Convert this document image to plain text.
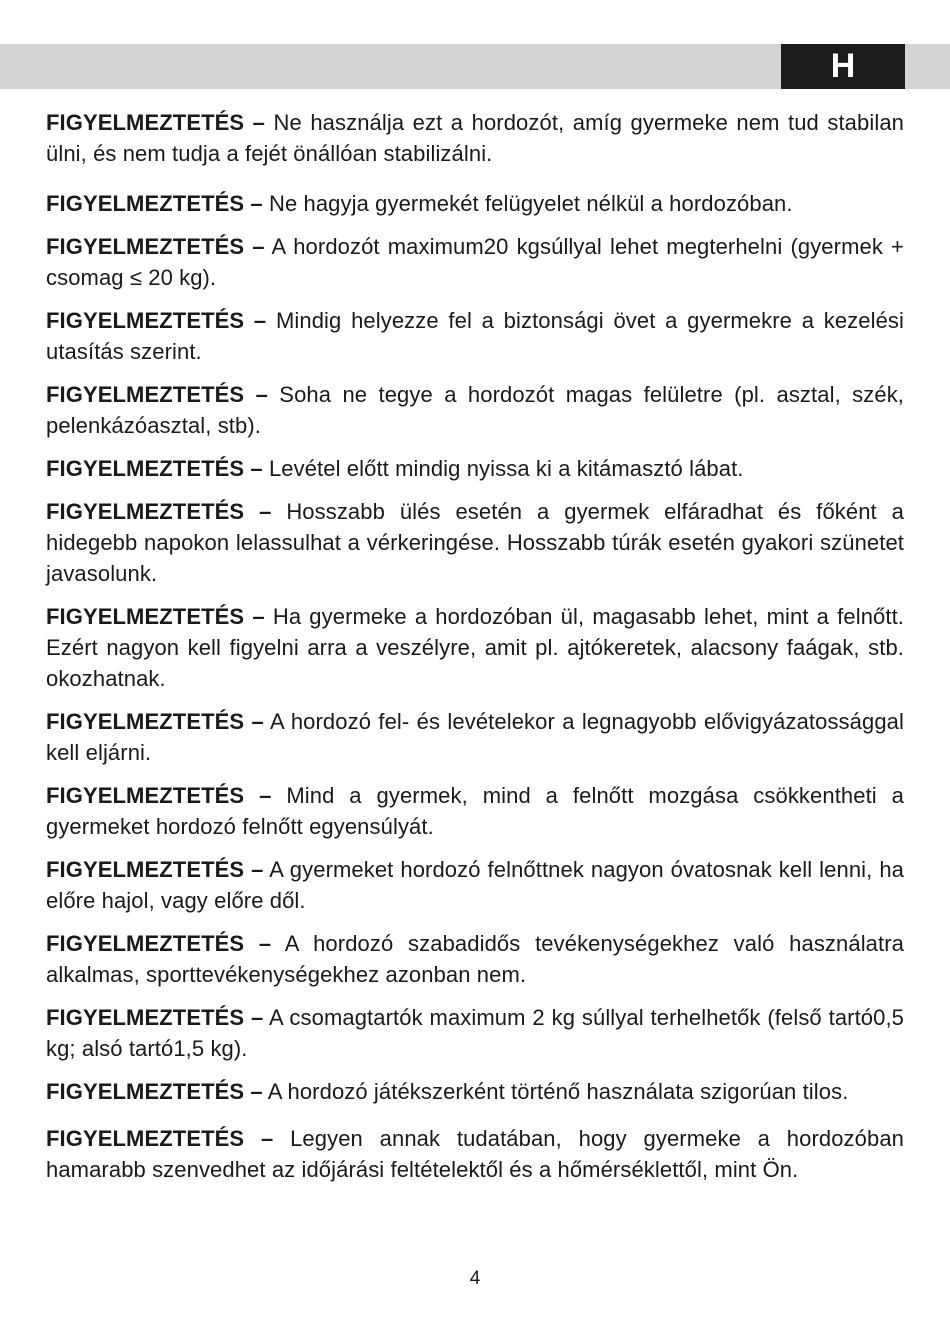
H

FIGYELMEZTETÉS – Ne használja ezt a hordozót, amíg gyermeke nem tud stabilan ülni, és nem tudja a fejét önállóan stabilizálni.

FIGYELMEZTETÉS – Ne hagyja gyermekét felügyelet nélkül a hordozóban.

FIGYELMEZTETÉS – A hordozót maximum20 kgsúllyal lehet megterhelni (gyermek + csomag ≤ 20 kg).

FIGYELMEZTETÉS – Mindig helyezze fel a biztonsági övet a gyermekre a kezelési utasítás szerint.

FIGYELMEZTETÉS – Soha ne tegye a hordozót magas felületre (pl. asztal, szék, pelenkázóasztal, stb).

FIGYELMEZTETÉS – Levétel előtt mindig nyissa ki a kitámasztó lábat.

FIGYELMEZTETÉS – Hosszabb ülés esetén a gyermek elfáradhat és főként a hidegebb napokon lelassulhat a vérkeringése. Hosszabb túrák esetén gyakori szünetet javasolunk.

FIGYELMEZTETÉS – Ha gyermeke a hordozóban ül, magasabb lehet, mint a felnőtt. Ezért nagyon kell figyelni arra a veszélyre, amit pl. ajtókeretek, alacsony faágak, stb. okozhatnak.

FIGYELMEZTETÉS – A hordozó fel- és levételekor a legnagyobb elővigyázatossággal kell eljárni.

FIGYELMEZTETÉS – Mind a gyermek, mind a felnőtt mozgása csökkentheti a gyermeket hordozó felnőtt egyensúlyát.

FIGYELMEZTETÉS – A gyermeket hordozó felnőttnek nagyon óvatosnak kell lenni, ha előre hajol, vagy előre dől.

FIGYELMEZTETÉS – A hordozó szabadidős tevékenységekhez való használatra alkalmas, sporttevékenységekhez azonban nem.

FIGYELMEZTETÉS – A csomagtartók maximum 2 kg súllyal terhelhetők (felső tartó0,5 kg; alsó tartó1,5 kg).

FIGYELMEZTETÉS – A hordozó játékszerként történő használata szigorúan tilos.

FIGYELMEZTETÉS – Legyen annak tudatában, hogy gyermeke a hordozóban hamarabb szenvedhet az időjárási feltételektől és a hőmérséklettől, mint Ön.

4
